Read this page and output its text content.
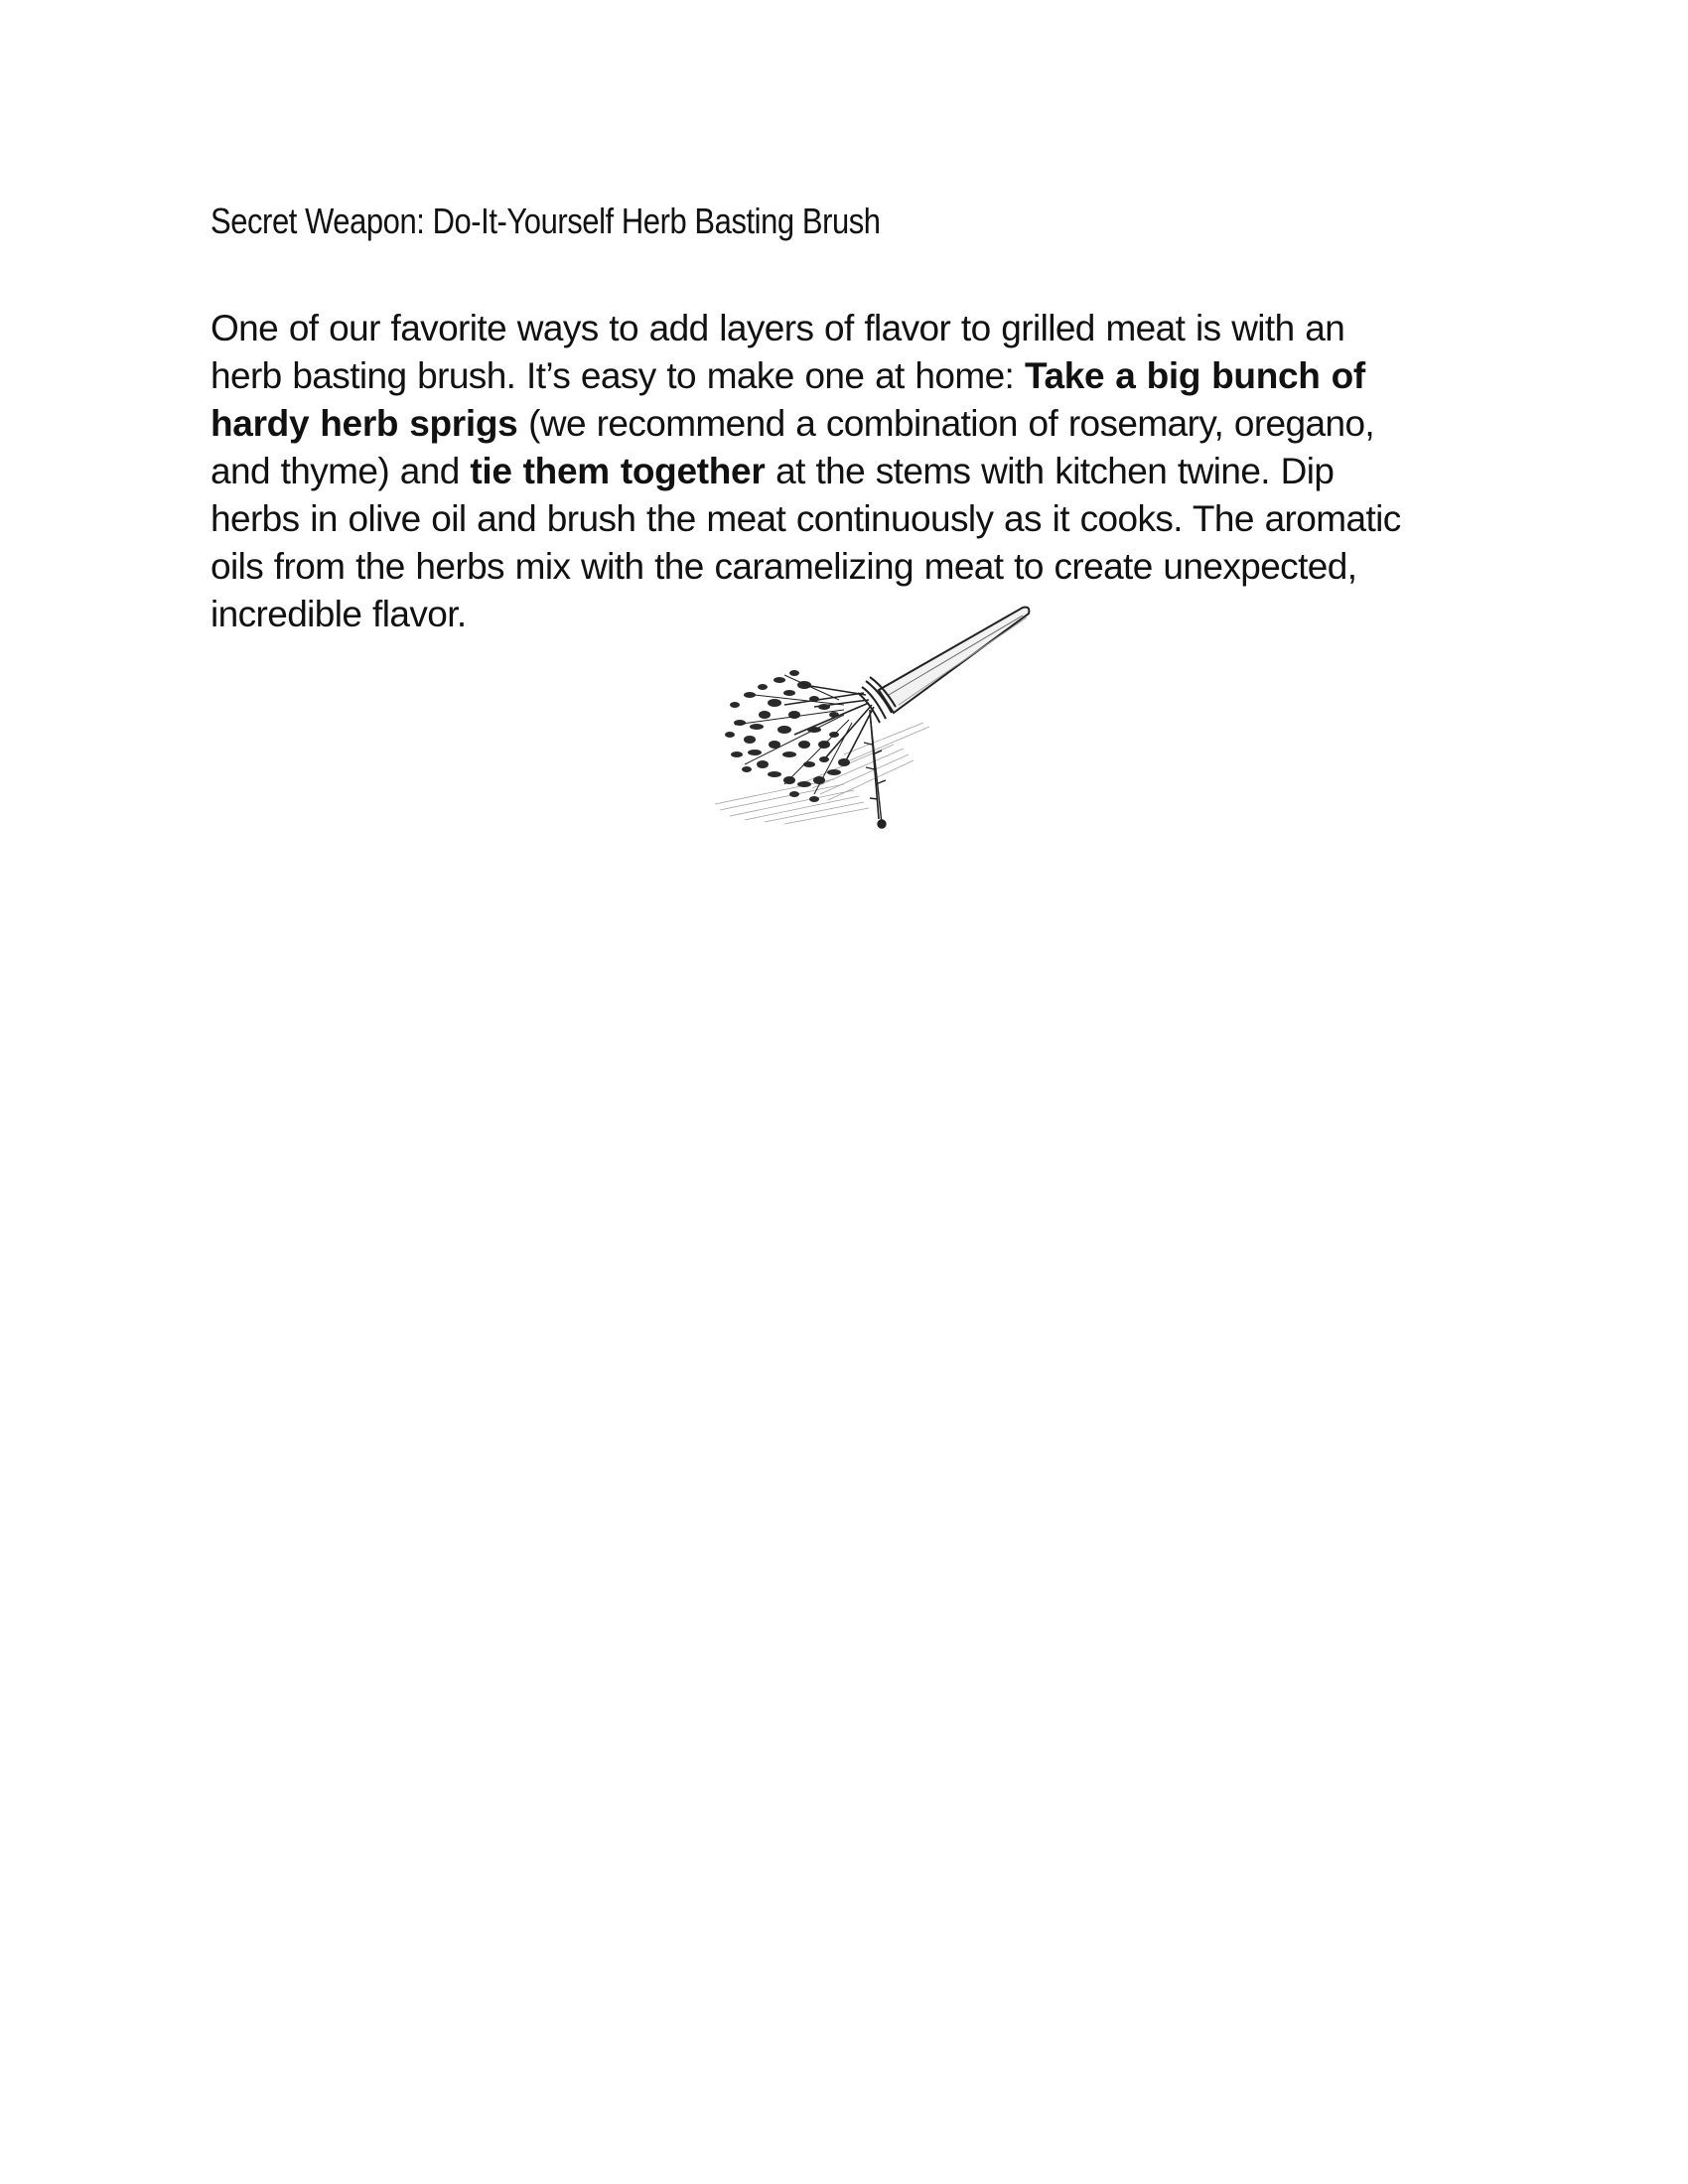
Secret Weapon: Do-It-Yourself Herb Basting Brush

One of our favorite ways to add layers of flavor to grilled meat is with an herb basting brush. It’s easy to make one at home: Take a big bunch of hardy herb sprigs (we recommend a combination of rosemary, oregano, and thyme) and tie them together at the stems with kitchen twine. Dip herbs in olive oil and brush the meat continuously as it cooks. The aromatic oils from the herbs mix with the caramelizing meat to create unexpected, incredible flavor.
